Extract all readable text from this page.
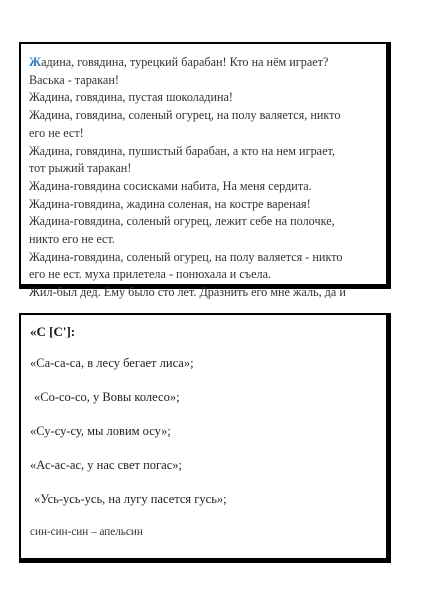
Жадина, говядина, турецкий барабан! Кто на нём играет?
Васька - таракан!
Жадина, говядина, пустая шоколадина!
Жадина, говядина, соленый огурец, на полу валяется, никто
его не ест!
Жадина, говядина, пушистый барабан, а кто на нем играет,
тот рыжий таракан!
Жадина-говядина сосисками набита, На меня сердита.
Жадина-говядина, жадина соленая, на костре вареная!
Жадина-говядина, соленый огурец, лежит себе на полочке,
никто его не ест.
Жадина-говядина, соленый огурец, на полу валяется - никто
его не ест. муха прилетела - понюхала и съела.
Жил-был дед. Ему было сто лет. Дразнить его мне жаль, да и
«С [С']:
«Са-са-са, в лесу бегает лиса»;
«Со-со-со, у Вовы колесо»;
«Су-су-су, мы ловим осу»;
«Ас-ас-ас, у нас свет погас»;
«Усь-усь-усь, на лугу пасется гусь»;
син-син-син – апельсин
